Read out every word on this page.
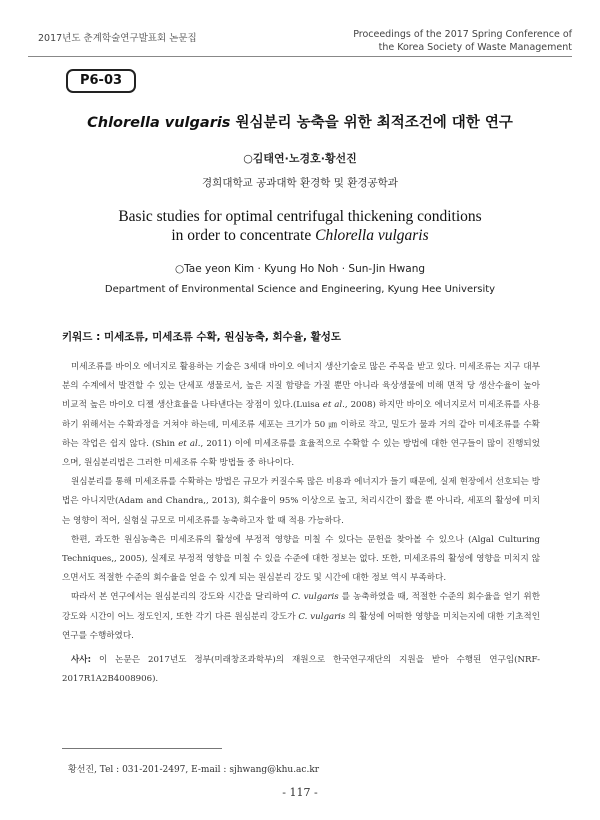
2017년도 춘계학술연구발표회 논문집	Proceedings of the 2017 Spring Conference of
the Korea Society of Waste Management
P6-03
Chlorella vulgaris 원심분리 농축을 위한 최적조건에 대한 연구
○김태연·노경호·황선진
경희대학교 공과대학 환경학 및 환경공학과
Basic studies for optimal centrifugal thickening conditions
in order to concentrate Chlorella vulgaris
○Tae yeon Kim · Kyung Ho Noh · Sun-Jin Hwang
Department of Environmental Science and Engineering, Kyung Hee University
키워드 : 미세조류, 미세조류 수확, 원심농축, 회수율, 활성도

미세조류를 바이오 에너지로 활용하는 기술은 3세대 바이오 에너지 생산기술로 많은 주목을 받고 있다. 미세조류는 지구 대부분의 수계에서 발견할 수 있는 단세포 생물로서, 높은 지질 함량을 가질 뿐만 아니라 육상생물에 비해 면적 당 생산수율이 높아 비교적 높은 바이오 디젤 생산효율을 나타낸다는 장점이 있다.(Luisa et al., 2008) 하지만 바이오 에너지로서 미세조류를 사용하기 위해서는 수확과정을 거쳐야 하는데, 미세조류 세포는 크기가 50 ㎛ 이하로 작고, 밀도가 물과 거의 같아 미세조류를 수확하는 작업은 쉽지 않다. (Shin et al., 2011) 이에 미세조류를 효율적으로 수확할 수 있는 방법에 대한 연구들이 많이 진행되었으며, 원심분리법은 그러한 미세조류 수확 방법들 중 하나이다.

원심분리를 통해 미세조류를 수확하는 방법은 규모가 커질수록 많은 비용과 에너지가 들기 때문에, 실제 현장에서 선호되는 방법은 아니지만(Adam and Chandra,, 2013), 회수율이 95% 이상으로 높고, 처리시간이 짧을 뿐 아니라, 세포의 활성에 미치는 영향이 적어, 실험실 규모로 미세조류를 농축하고자 할 때 적용 가능하다.

한편, 과도한 원심농축은 미세조류의 활성에 부정적 영향을 미칠 수 있다는 문헌을 찾아볼 수 있으나 (Algal Culturing Techniques,, 2005), 실제로 부정적 영향을 미칠 수 있을 수준에 대한 정보는 없다. 또한, 미세조류의 활성에 영향을 미치지 않으면서도 적절한 수준의 회수율을 얻을 수 있게 되는 원심분리 강도 및 시간에 대한 정보 역시 부족하다.

따라서 본 연구에서는 원심분리의 강도와 시간을 달리하여 C. vulgaris 를 농축하였을 때, 적절한 수준의 회수율을 얻기 위한 강도와 시간이 어느 정도인지, 또한 각기 다른 원심분리 강도가 C. vulgaris 의 활성에 어떠한 영향을 미치는지에 대한 기초적인 연구를 수행하였다.

사사: 이 논문은 2017년도 정부(미래창조과학부)의 재원으로 한국연구재단의 지원을 받아 수행된 연구임(NRF-2017R1A2B4008906).
황선진, Tel : 031-201-2497, E-mail : sjhwang@khu.ac.kr
- 117 -
